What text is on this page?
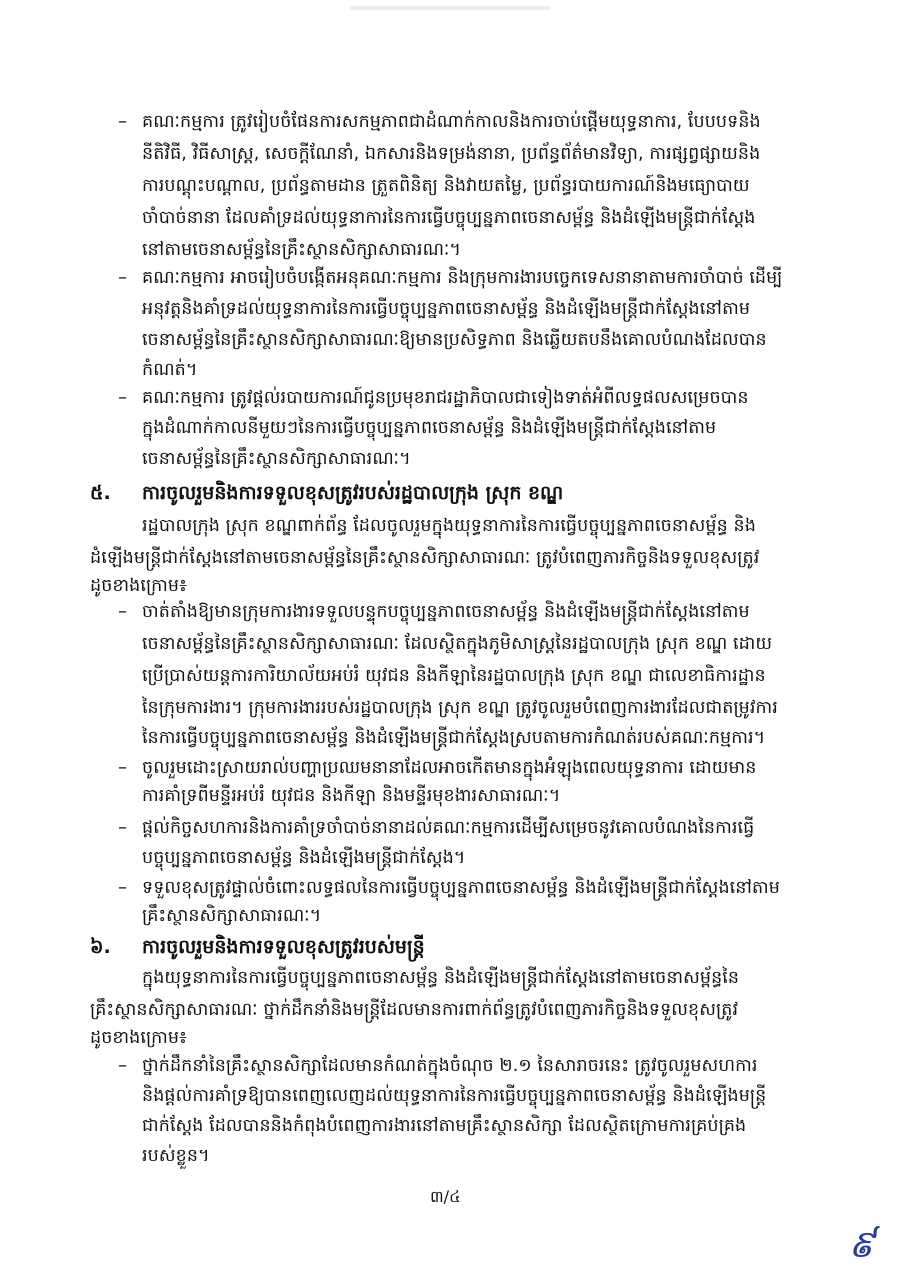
– គណៈកម្មការ ត្រូវរៀបចំផែនការសកម្មភាពជាដំណាក់កាលនិងការចាប់ផ្តើមយុទ្ធនាការ, បែបបទនិង
នីតិវិធី, វិធីសាស្ត្រ, សេចក្តីណែនាំ, ឯកសារនិងទម្រង់នានា, ប្រព័ន្ធព័ត៌មានវិទ្យា, ការផ្សព្វផ្សាយនិង
ការបណ្តុះបណ្តាល, ប្រព័ន្ធតាមដាន ត្រួតពិនិត្យ និងវាយតម្លៃ, ប្រព័ន្ធរបាយការណ៍និងមធ្យោបាយ
ចាំបាច់នានា ដែលគាំទ្រដល់យុទ្ធនាការនៃការធ្វើបច្ចុប្បន្នភាពចេនាសម្ព័ន្ធ និងដំឡើងមន្ត្រីជាក់ស្តែង
នៅតាមចេនាសម្ព័ន្ធនៃគ្រឹះស្ថានសិក្សាសាធារណៈ។
– គណៈកម្មការ អាចរៀបចំបង្កើតអនុគណៈកម្មការ និងក្រុមការងារបច្ចេកទេសនានាតាមការចាំបាច់ ដើម្បី
អនុវត្តនិងគាំទ្រដល់យុទ្ធនាការនៃការធ្វើបច្ចុប្បន្នភាពចេនាសម្ព័ន្ធ និងដំឡើងមន្ត្រីជាក់ស្តែងនៅតាម
ចេនាសម្ព័ន្ធនៃគ្រឹះស្ថានសិក្សាសាធារណៈឱ្យមានប្រសិទ្ធភាព និងឆ្លើយតបនឹងគោលបំណងដែលបាន
កំណត់។
– គណៈកម្មការ ត្រូវផ្តល់របាយការណ៍ជូនប្រមុខរាជរដ្ឋាភិបាលជាទៀងទាត់អំពីលទ្ធផលសម្រេចបាន
ក្នុងដំណាក់កាលនីមួយៗនៃការធ្វើបច្ចុប្បន្នភាពចេនាសម្ព័ន្ធ និងដំឡើងមន្ត្រីជាក់ស្តែងនៅតាម
ចេនាសម្ព័ន្ធនៃគ្រឹះស្ថានសិក្សាសាធារណៈ។
៥. ការចូលរួមនិងការទទួលខុសត្រូវរបស់រដ្ឋបាលក្រុង ស្រុក ខណ្ឌ
រដ្ឋបាលក្រុង ស្រុក ខណ្ឌពាក់ព័ន្ធ ដែលចូលរួមក្នុងយុទ្ធនាការនៃការធ្វើបច្ចុប្បន្នភាពចេនាសម្ព័ន្ធ និង
ដំឡើងមន្ត្រីជាក់ស្តែងនៅតាមចេនាសម្ព័ន្ធនៃគ្រឹះស្ថានសិក្សាសាធារណៈ ត្រូវបំពេញភារកិច្ចនិងទទួលខុសត្រូវ
ដូចខាងក្រោម៖
– ចាត់តាំងឱ្យមានក្រុមការងារទទួលបន្ទុកបច្ចុប្បន្នភាពចេនាសម្ព័ន្ធ និងដំឡើងមន្ត្រីជាក់ស្តែងនៅតាម
ចេនាសម្ព័ន្ធនៃគ្រឹះស្ថានសិក្សាសាធារណៈ ដែលស្ថិតក្នុងភូមិសាស្ត្រនៃរដ្ឋបាលក្រុង ស្រុក ខណ្ឌ ដោយ
ប្រើប្រាស់យន្តការការិយាល័យអប់រំ យុវជន និងកីឡានៃរដ្ឋបាលក្រុង ស្រុក ខណ្ឌ ជាលេខាធិការដ្ឋាន
នៃក្រុមការងារ។ ក្រុមការងាររបស់រដ្ឋបាលក្រុង ស្រុក ខណ្ឌ ត្រូវចូលរួមបំពេញការងារដែលជាតម្រូវការ
នៃការធ្វើបច្ចុប្បន្នភាពចេនាសម្ព័ន្ធ និងដំឡើងមន្ត្រីជាក់ស្តែងស្របតាមការកំណត់របស់គណៈកម្មការ។
– ចូលរួមដោះស្រាយរាល់បញ្ហាប្រឈមនានាដែលអាចកើតមានក្នុងអំឡុងពេលយុទ្ធនាការ ដោយមាន
ការគាំទ្រពីមន្ទីរអប់រំ យុវជន និងកីឡា និងមន្ទីរមុខងារសាធារណៈ។
– ផ្តល់កិច្ចសហការនិងការគាំទ្រចាំបាច់នានាដល់គណៈកម្មការដើម្បីសម្រេចនូវគោលបំណងនៃការធ្វើ
បច្ចុប្បន្នភាពចេនាសម្ព័ន្ធ និងដំឡើងមន្ត្រីជាក់ស្តែង។
– ទទួលខុសត្រូវផ្ទាល់ចំពោះលទ្ធផលនៃការធ្វើបច្ចុប្បន្នភាពចេនាសម្ព័ន្ធ និងដំឡើងមន្ត្រីជាក់ស្តែងនៅតាម
គ្រឹះស្ថានសិក្សាសាធារណៈ។
៦. ការចូលរួមនិងការទទួលខុសត្រូវរបស់មន្ត្រី
ក្នុងយុទ្ធនាការនៃការធ្វើបច្ចុប្បន្នភាពចេនាសម្ព័ន្ធ និងដំឡើងមន្ត្រីជាក់ស្តែងនៅតាមចេនាសម្ព័ន្ធនៃ
គ្រឹះស្ថានសិក្សាសាធារណៈ ថ្នាក់ដឹកនាំនិងមន្ត្រីដែលមានការពាក់ព័ន្ធត្រូវបំពេញភារកិច្ចនិងទទួលខុសត្រូវ
ដូចខាងក្រោម៖
– ថ្នាក់ដឹកនាំនៃគ្រឹះស្ថានសិក្សាដែលមានកំណត់ក្នុងចំណុច ២.១ នៃសារាចរនេះ ត្រូវចូលរួមសហការ
និងផ្តល់ការគាំទ្រឱ្យបានពេញលេញដល់យុទ្ធនាការនៃការធ្វើបច្ចុប្បន្នភាពចេនាសម្ព័ន្ធ និងដំឡើងមន្ត្រី
ជាក់ស្តែង ដែលបាននិងកំពុងបំពេញការងារនៅតាមគ្រឹះស្ថានសិក្សា ដែលស្ថិតក្រោមការគ្រប់គ្រង
របស់ខ្លួន។
៣/៤
៩
